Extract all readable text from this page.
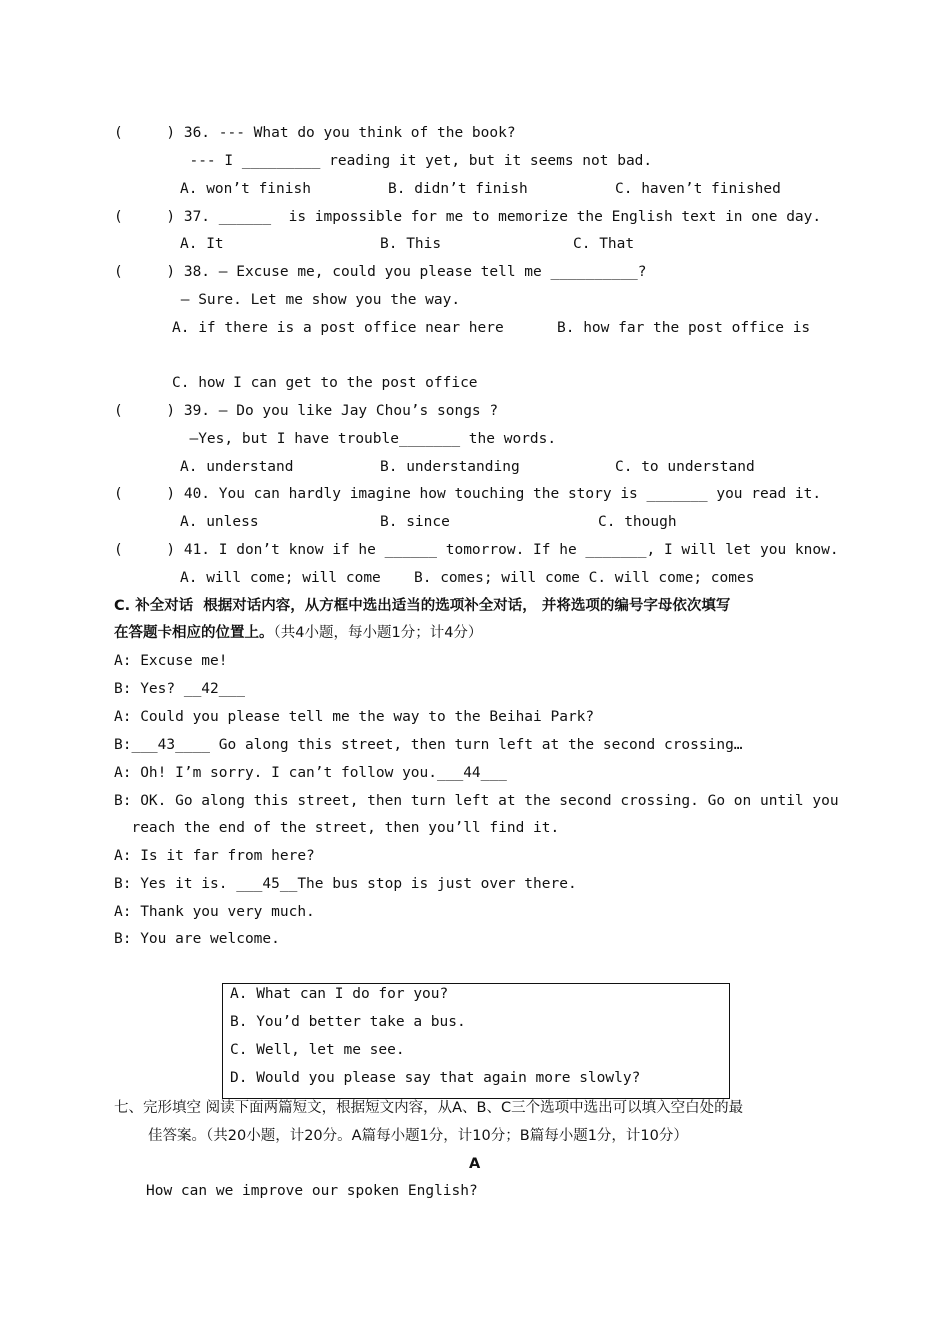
(     ) 36. --- What do you think of the book?
--- I _________ reading it yet, but it seems not bad.
A. won’t finish	B. didn’t finish	C. haven’t finished
(     ) 37. ______  is impossible for me to memorize the English text in one day.
A. It	B. This	C. That
(     ) 38. — Excuse me, could you please tell me __________?
— Sure. Let me show you the way.
A. if there is a post office near here	B. how far the post office is
C. how I can get to the post office
(     ) 39. — Do you like Jay Chou’s songs ?
—Yes, but I have trouble_______ the words.
A. understand	B. understanding	C. to understand
(     ) 40. You can hardly imagine how touching the story is _______ you read it.
A. unless	B. since	C. though
(     ) 41. I don’t know if he ______ tomorrow. If he _______, I will let you know.
A. will come; will come B. comes; will come C. will come; comes
C. 补全对话  根据对话内容，从方框中选出适当的选项补全对话， 并将选项的编号字母依次填写
在答题卡相应的位置上。（共4小题，每小题1分；计4分）
A: Excuse me!
B: Yes? __42___
A: Could you please tell me the way to the Beihai Park?
B:___43____ Go along this street, then turn left at the second crossing…
A: Oh! I’m sorry. I can’t follow you.___44___
B: OK. Go along this street, then turn left at the second crossing. Go on until you
reach the end of the street, then you’ll find it.
A: Is it far from here?
B: Yes it is. ___45__The bus stop is just over there.
A: Thank you very much.
B: You are welcome.
A. What can I do for you?
B. You’d better take a bus.
C. Well, let me see.
D. Would you please say that again more slowly?
七、完形填空 阅读下面两篇短文，根据短文内容，从A、B、C三个选项中选出可以填入空白处的最
佳答案。（共20小题，计20分。A篇每小题1分，计10分；B篇每小题1分，计10分）
A
How can we improve our spoken English?
